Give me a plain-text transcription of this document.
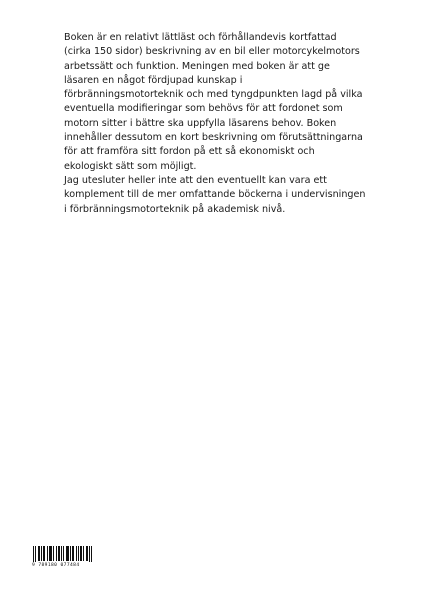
Boken är en relativt lättläst och förhållandevis kortfattad
(cirka 150 sidor) beskrivning av en bil eller motorcykelmotors
arbetssätt och funktion. Meningen med boken är att ge
läsaren en något fördjupad kunskap i
förbränningsmotorteknik och med tyngdpunkten lagd på vilka
eventuella modifieringar som behövs för att fordonet som
motorn sitter i bättre ska uppfylla läsarens behov. Boken
innehåller dessutom en kort beskrivning om förutsättningarna
för att framföra sitt fordon på ett så ekonomiskt och
ekologiskt sätt som möjligt.
Jag utesluter heller inte att den eventuellt kan vara ett
komplement till de mer omfattande böckerna i undervisningen
i förbränningsmotorteknik på akademisk nivå.
9 789180 077484
